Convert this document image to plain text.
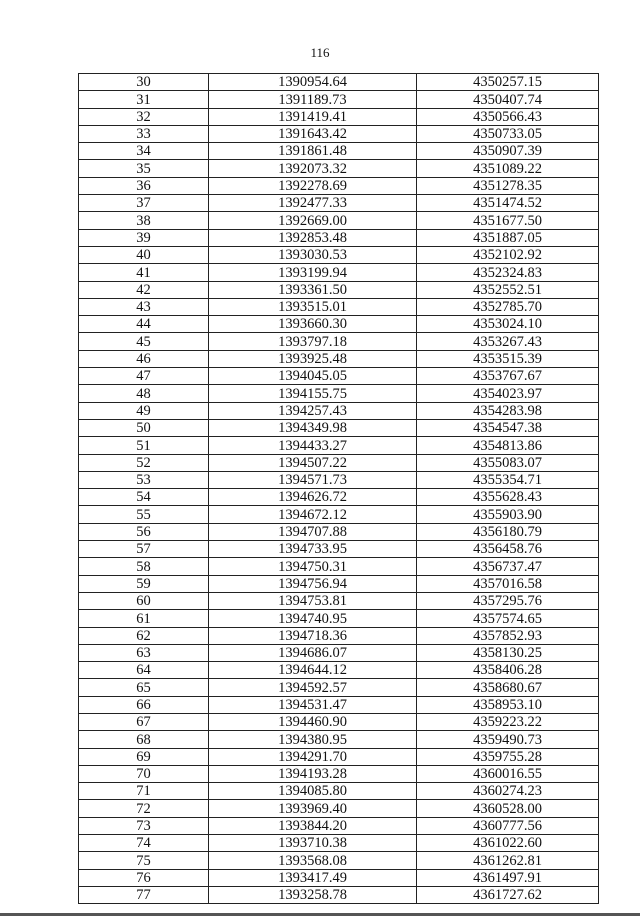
116
30	1390954.64	4350257.15
31	1391189.73	4350407.74
32	1391419.41	4350566.43
33	1391643.42	4350733.05
34	1391861.48	4350907.39
35	1392073.32	4351089.22
36	1392278.69	4351278.35
37	1392477.33	4351474.52
38	1392669.00	4351677.50
39	1392853.48	4351887.05
40	1393030.53	4352102.92
41	1393199.94	4352324.83
42	1393361.50	4352552.51
43	1393515.01	4352785.70
44	1393660.30	4353024.10
45	1393797.18	4353267.43
46	1393925.48	4353515.39
47	1394045.05	4353767.67
48	1394155.75	4354023.97
49	1394257.43	4354283.98
50	1394349.98	4354547.38
51	1394433.27	4354813.86
52	1394507.22	4355083.07
53	1394571.73	4355354.71
54	1394626.72	4355628.43
55	1394672.12	4355903.90
56	1394707.88	4356180.79
57	1394733.95	4356458.76
58	1394750.31	4356737.47
59	1394756.94	4357016.58
60	1394753.81	4357295.76
61	1394740.95	4357574.65
62	1394718.36	4357852.93
63	1394686.07	4358130.25
64	1394644.12	4358406.28
65	1394592.57	4358680.67
66	1394531.47	4358953.10
67	1394460.90	4359223.22
68	1394380.95	4359490.73
69	1394291.70	4359755.28
70	1394193.28	4360016.55
71	1394085.80	4360274.23
72	1393969.40	4360528.00
73	1393844.20	4360777.56
74	1393710.38	4361022.60
75	1393568.08	4361262.81
76	1393417.49	4361497.91
77	1393258.78	4361727.62
